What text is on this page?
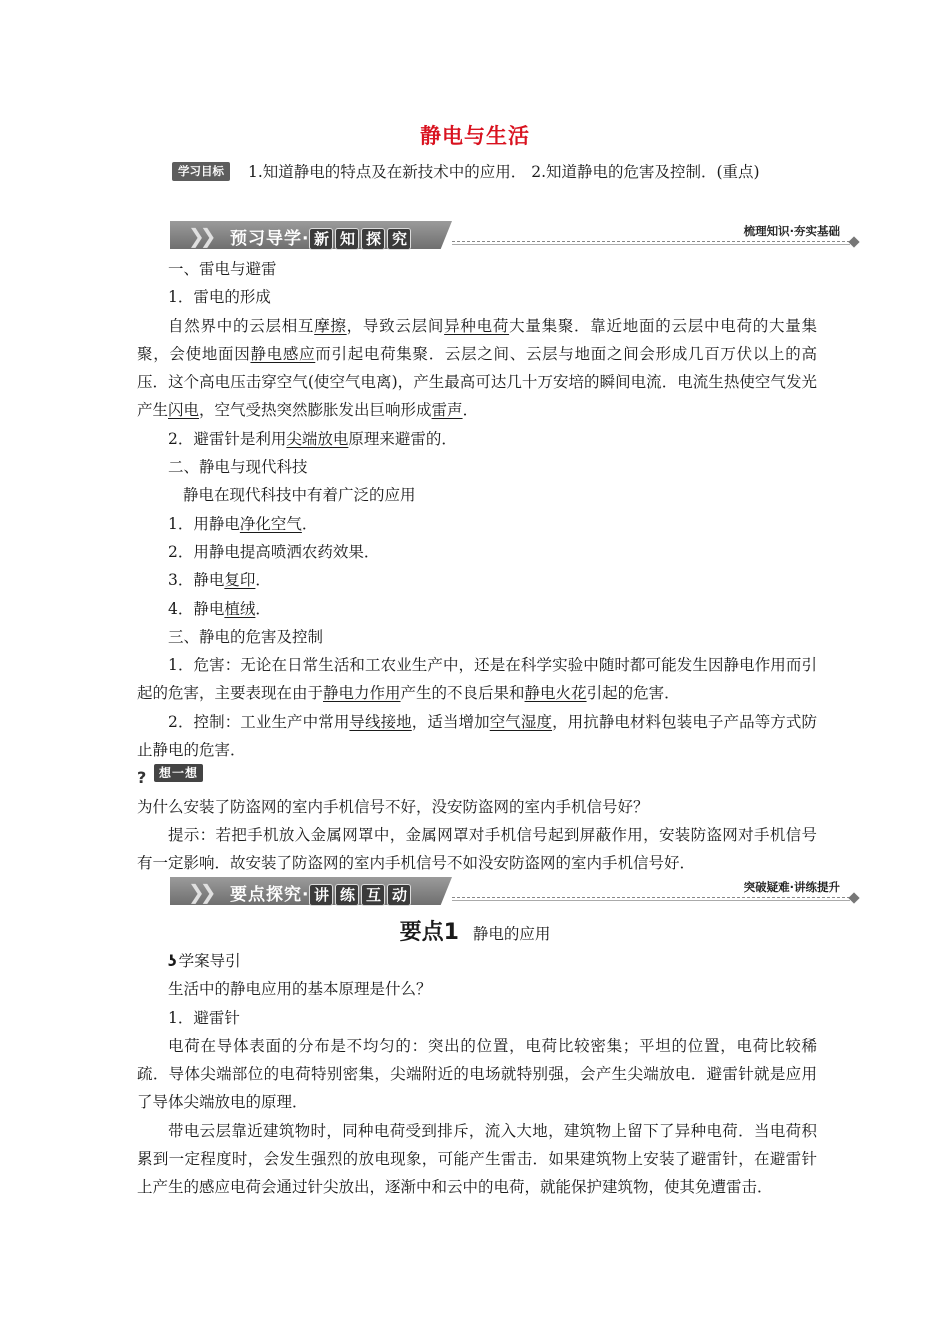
静电与生活
学习目标 1.知道静电的特点及在新技术中的应用． 2.知道静电的危害及控制．(重点)
❯❯ 预习导学· 新 知 探 究	梳理知识·夯实基础

一、雷电与避雷

1．雷电的形成

自然界中的云层相互摩擦，导致云层间异种电荷大量集聚．靠近地面的云层中电荷的大量集聚，会使地面因静电感应而引起电荷集聚．云层之间、云层与地面之间会形成几百万伏以上的高压．这个高电压击穿空气(使空气电离)，产生最高可达几十万安培的瞬间电流．电流生热使空气发光产生闪电，空气受热突然膨胀发出巨响形成雷声．

2．避雷针是利用尖端放电原理来避雷的．

二、静电与现代科技

静电在现代科技中有着广泛的应用

1．用静电净化空气．

2．用静电提高喷洒农药效果．

3．静电复印．

4．静电植绒．

三、静电的危害及控制

1．危害：无论在日常生活和工农业生产中，还是在科学实验中随时都可能发生因静电作用而引起的危害，主要表现在由于静电力作用产生的不良后果和静电火花引起的危害．

2．控制：工业生产中常用导线接地，适当增加空气湿度，用抗静电材料包装电子产品等方式防止静电的危害．

?	想一想

为什么安装了防盗网的室内手机信号不好，没安防盗网的室内手机信号好？

提示：若把手机放入金属网罩中，金属网罩对手机信号起到屏蔽作用，安装防盗网对手机信号有一定影响．故安装了防盗网的室内手机信号不如没安防盗网的室内手机信号好．

❯❯ 要点探究· 讲 练 互 动	突破疑难·讲练提升
要点1 静电的应用

ʖ 学案导引

生活中的静电应用的基本原理是什么？

1．避雷针

电荷在导体表面的分布是不均匀的：突出的位置，电荷比较密集；平坦的位置，电荷比较稀疏．导体尖端部位的电荷特别密集，尖端附近的电场就特别强，会产生尖端放电．避雷针就是应用了导体尖端放电的原理．

带电云层靠近建筑物时，同种电荷受到排斥，流入大地，建筑物上留下了异种电荷．当电荷积累到一定程度时，会发生强烈的放电现象，可能产生雷击．如果建筑物上安装了避雷针，在避雷针上产生的感应电荷会通过针尖放出，逐渐中和云中的电荷，就能保护建筑物，使其免遭雷击．
